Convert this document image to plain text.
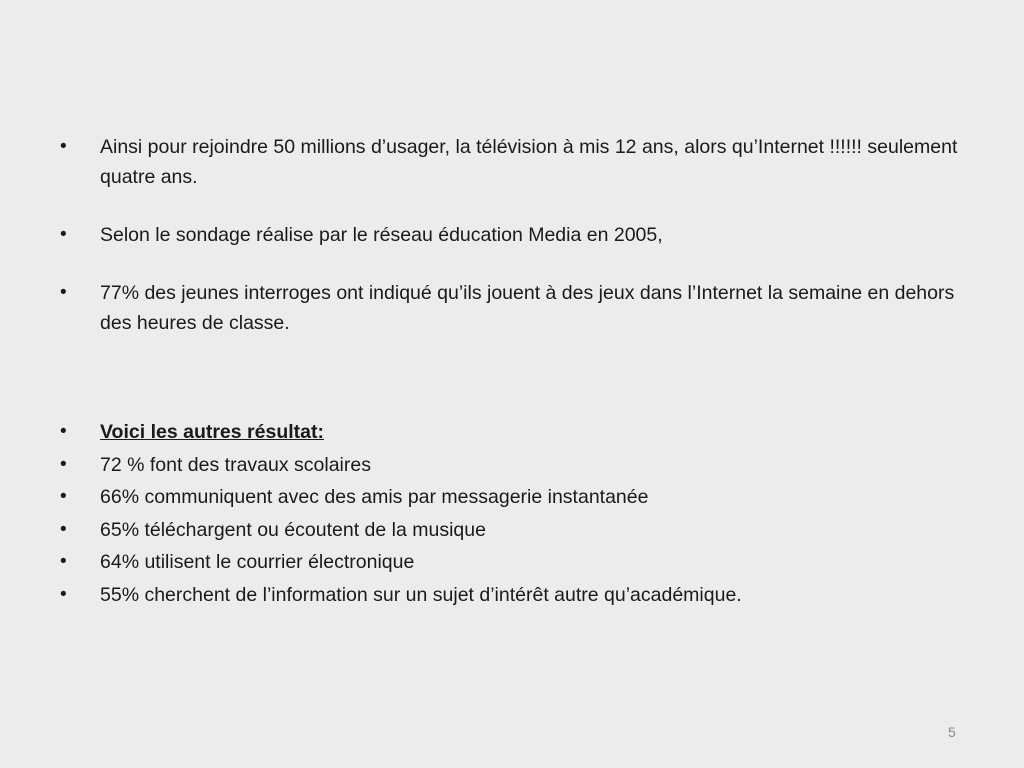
• Ainsi pour rejoindre 50 millions d’usager, la télévision à mis 12 ans, alors qu’Internet !!!!!! seulement quatre ans.
• Selon le sondage réalise par le réseau éducation Media en 2005,
• 77% des jeunes interroges ont indiqué qu’ils jouent à des jeux dans l’Internet la semaine en dehors des heures de classe.
• Voici les autres résultat:
• 72 % font des travaux scolaires
• 66% communiquent avec des amis par messagerie instantanée
• 65% téléchargent ou écoutent de la musique
• 64% utilisent le courrier électronique
• 55% cherchent de l’information sur un sujet d’intérêt autre qu’académique.
5
